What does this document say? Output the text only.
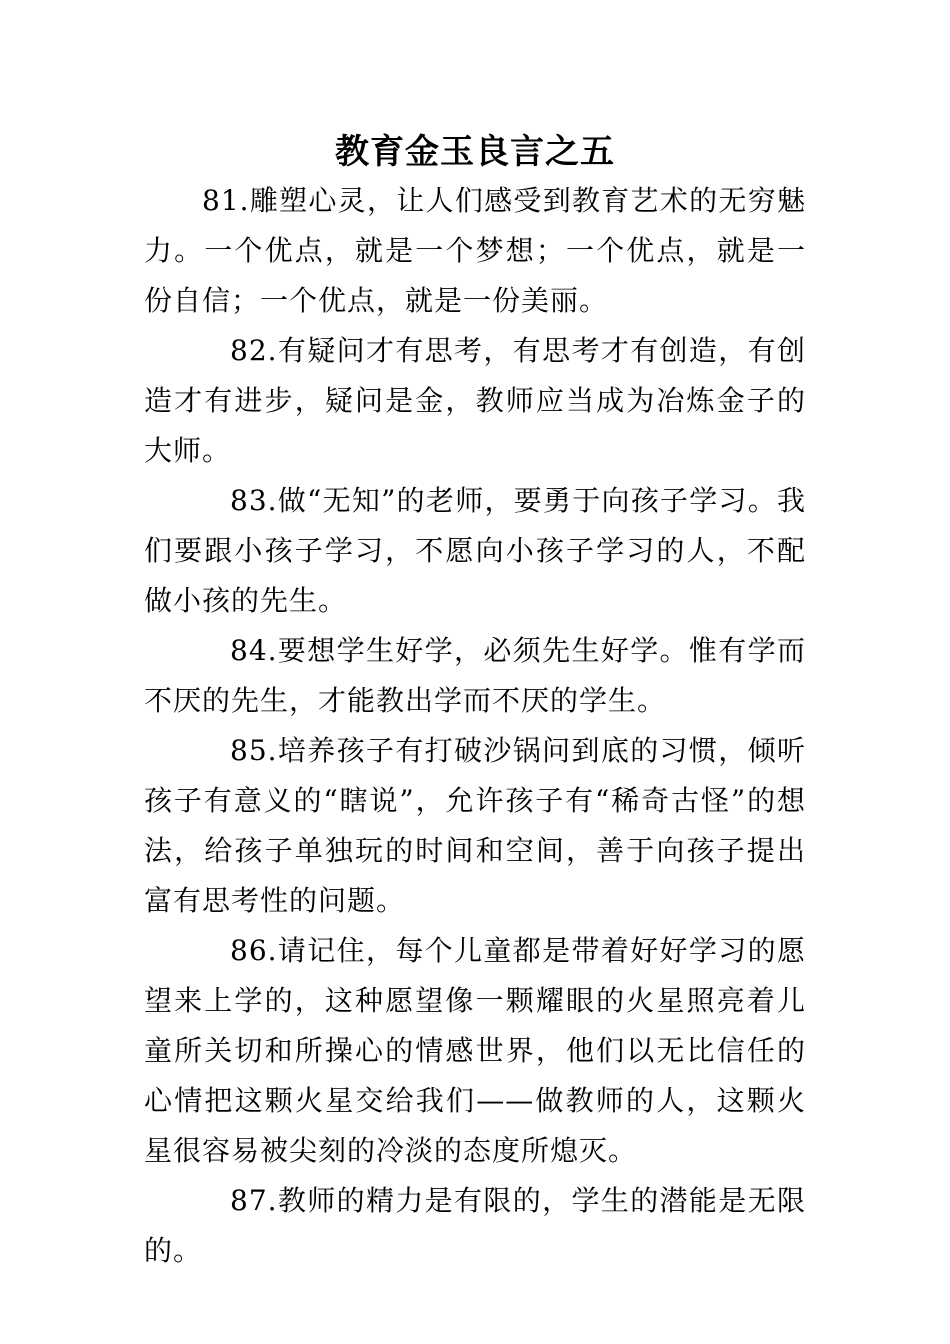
教育金玉良言之五

81.雕塑心灵，让人们感受到教育艺术的无穷魅力。一个优点，就是一个梦想；一个优点，就是一份自信；一个优点，就是一份美丽。

82.有疑问才有思考，有思考才有创造，有创造才有进步，疑问是金，教师应当成为冶炼金子的大师。

83.做“无知”的老师，要勇于向孩子学习。我们要跟小孩子学习，不愿向小孩子学习的人，不配做小孩的先生。

84.要想学生好学，必须先生好学。惟有学而不厌的先生，才能教出学而不厌的学生。

85.培养孩子有打破沙锅问到底的习惯，倾听孩子有意义的“瞎说”，允许孩子有“稀奇古怪”的想法，给孩子单独玩的时间和空间，善于向孩子提出富有思考性的问题。

86.请记住，每个儿童都是带着好好学习的愿望来上学的，这种愿望像一颗耀眼的火星照亮着儿童所关切和所操心的情感世界，他们以无比信任的心情把这颗火星交给我们——做教师的人，这颗火星很容易被尖刻的冷淡的态度所熄灭。

87.教师的精力是有限的，学生的潜能是无限的。
